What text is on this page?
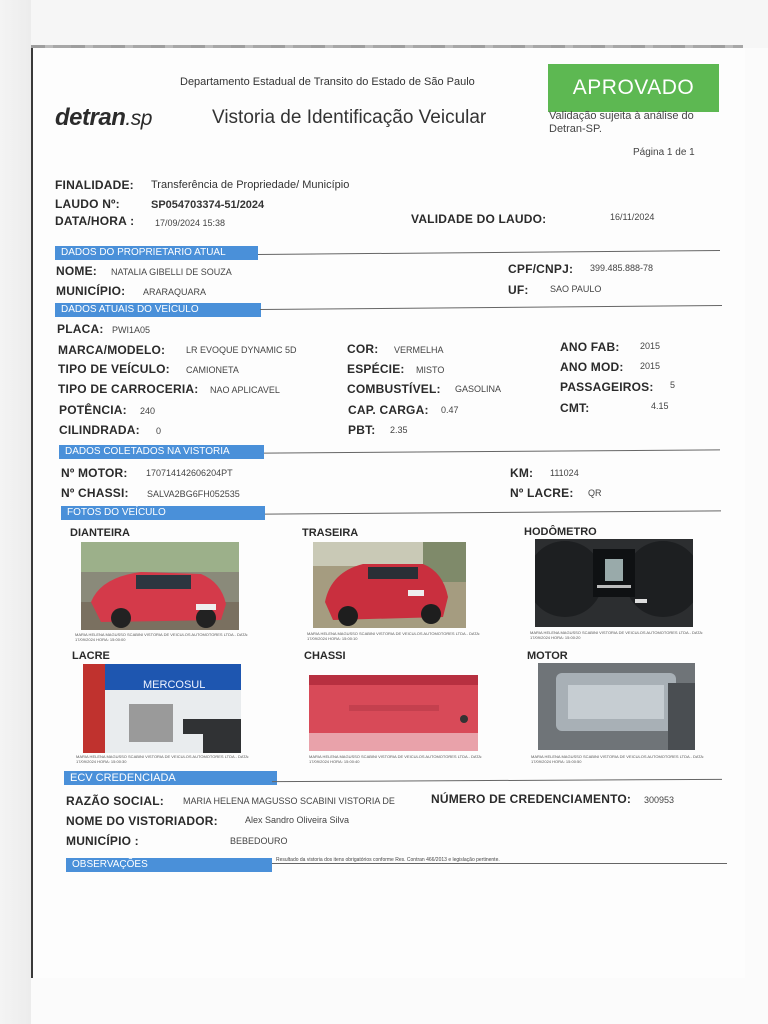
Departamento Estadual de Transito do Estado de São Paulo
detran.sp	Vistoria de Identificação Veicular
APROVADO
Validação sujeita à análise do Detran-SP.
Página 1 de 1
FINALIDADE: Transferência de Propriedade/ Município
LAUDO Nº:	SP054703374-51/2024
DATA/HORA : 17/09/2024 15:38	VALIDADE DO LAUDO:	16/11/2024
DADOS DO PROPRIETARIO ATUAL
NOME: NATALIA GIBELLI DE SOUZA	CPF/CNPJ: 399.485.888-78
MUNICÍPIO: ARARAQUARA	UF: SAO PAULO
DADOS ATUAIS DO VEÍCULO
PLACA: PWI1A05
MARCA/MODELO: LR EVOQUE DYNAMIC 5D	COR: VERMELHA	ANO FAB: 2015
TIPO DE VEÍCULO: CAMIONETA	ESPÉCIE: MISTO	ANO MOD: 2015
TIPO DE CARROCERIA: NAO APLICAVEL	COMBUSTÍVEL: GASOLINA	PASSAGEIROS: 5
POTÊNCIA: 240	CAP. CARGA: 0.47	CMT:	4.15
CILINDRADA: 0	PBT: 2.35
DADOS COLETADOS NA VISTORIA
Nº MOTOR: 170714142606204PT	KM: 111024
Nº CHASSI: SALVA2BG6FH052535	Nº LACRE: QR
FOTOS DO VEÍCULO
DIANTEIRA	TRASEIRA	HODÔMETRO
MARIA HELENA MAGUSSO SCABINI VISTORIA DE VEICULOS AUTOMOTORES LTDA - DATA: 17/09/2024 HORA: 15:00:00
MARIA HELENA MAGUSSO SCABINI VISTORIA DE VEICULOS AUTOMOTORES LTDA - DATA: 17/09/2024 HORA: 15:00:10
MARIA HELENA MAGUSSO SCABINI VISTORIA DE VEICULOS AUTOMOTORES LTDA - DATA: 17/09/2024 HORA: 15:00:20
LACRE	CHASSI	MOTOR
MERCOSUL
MARIA HELENA MAGUSSO SCABINI VISTORIA DE VEICULOS AUTOMOTORES LTDA - DATA: 17/09/2024 HORA: 15:00:30
MARIA HELENA MAGUSSO SCABINI VISTORIA DE VEICULOS AUTOMOTORES LTDA - DATA: 17/09/2024 HORA: 15:00:40
MARIA HELENA MAGUSSO SCABINI VISTORIA DE VEICULOS AUTOMOTORES LTDA - DATA: 17/09/2024 HORA: 15:00:50
ECV CREDENCIADA
RAZÃO SOCIAL: MARIA HELENA MAGUSSO SCABINI VISTORIA DE	NÚMERO DE CREDENCIAMENTO: 300953
NOME DO VISTORIADOR:	Alex Sandro Oliveira Silva
MUNICÍPIO :	BEBEDOURO
OBSERVAÇÕES	Resultado da vistoria dos itens obrigatórios conforme Res. Contran 466/2013 e legislação pertinente.
